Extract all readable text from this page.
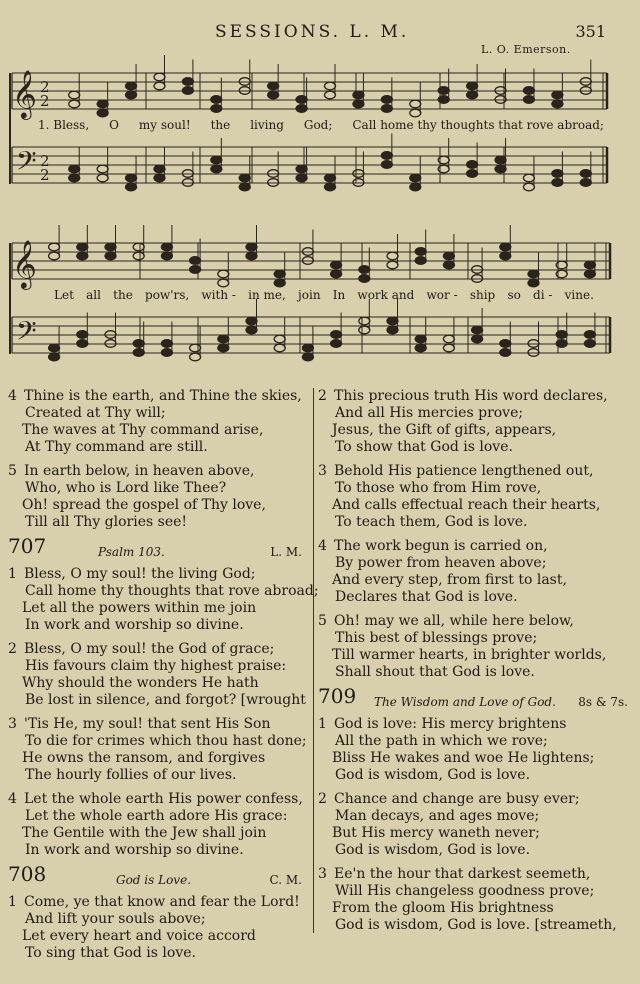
SESSIONS. L. M.	351
L. O. Emerson.
𝄞
𝄢
2
2
2
2
𝄞
𝄢
1. Bless, O my soul! the living God; Call home thy thoughts that rove abroad;
Let all the pow'rs, with - in me, join In work and wor - ship so di - vine.
4 Thine is the earth, and Thine the skies,
Created at Thy will;
The waves at Thy command arise,
At Thy command are still.
5 In earth below, in heaven above,
Who, who is Lord like Thee?
Oh! spread the gospel of Thy love,
Till all Thy glories see!
707	Psalm 103.	L. M.
1 Bless, O my soul! the living God;
Call home thy thoughts that rove abroad;
Let all the powers within me join
In work and worship so divine.
2 Bless, O my soul! the God of grace;
His favours claim thy highest praise:
Why should the wonders He hath
Be lost in silence, and forgot? [wrought
3 'Tis He, my soul! that sent His Son
To die for crimes which thou hast done;
He owns the ransom, and forgives
The hourly follies of our lives.
4 Let the whole earth His power confess,
Let the whole earth adore His grace:
The Gentile with the Jew shall join
In work and worship so divine.
708	God is Love.	C. M.
1 Come, ye that know and fear the Lord!
And lift your souls above;
Let every heart and voice accord
To sing that God is love.
2 This precious truth His word declares,
And all His mercies prove;
Jesus, the Gift of gifts, appears,
To show that God is love.
3 Behold His patience lengthened out,
To those who from Him rove,
And calls effectual reach their hearts,
To teach them, God is love.
4 The work begun is carried on,
By power from heaven above;
And every step, from first to last,
Declares that God is love.
5 Oh! may we all, while here below,
This best of blessings prove;
Till warmer hearts, in brighter worlds,
Shall shout that God is love.
709 The Wisdom and Love of God. 8s & 7s.
1 God is love: His mercy brightens
All the path in which we rove;
Bliss He wakes and woe He lightens;
God is wisdom, God is love.
2 Chance and change are busy ever;
Man decays, and ages move;
But His mercy waneth never;
God is wisdom, God is love.
3 Ee'n the hour that darkest seemeth,
Will His changeless goodness prove;
From the gloom His brightness
God is wisdom, God is love. [streameth,
